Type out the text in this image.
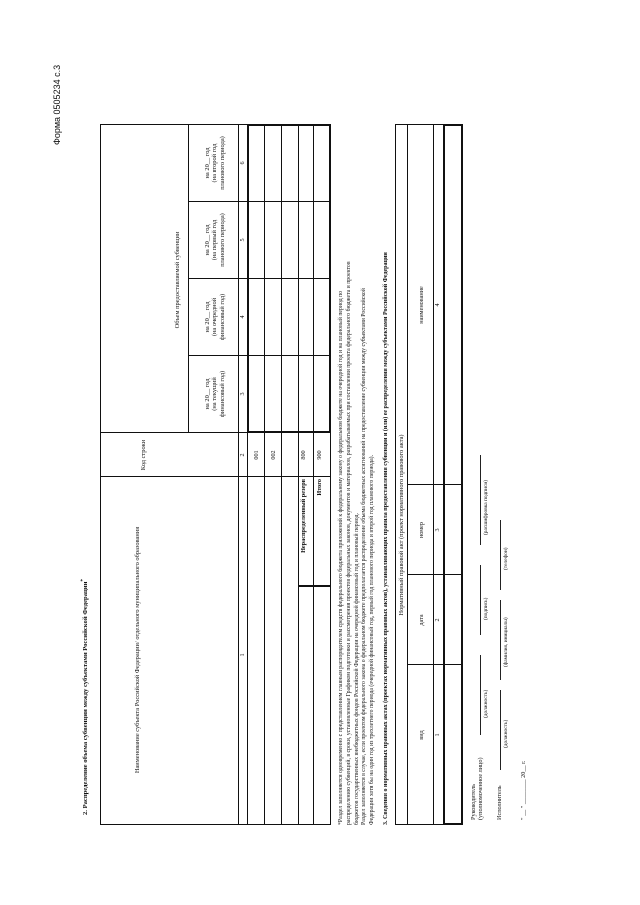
Форма 0505234 с.3
2. Распределение объема субвенции между субъектами Российской Федерации*	Наименование субъекта Российской Федерации/ отдельного муниципального образования
Код строки
Объем предоставляемой субвенции
на 20__ год (на текущий финансовый год)
на 20__ год (на очередной финансовый год)
на 20__ год (на первый год планового периода)
на 20__ год (на второй год планового периода)
1
2
3
4
5
6
001 002
Нераспределенный резерв
800
Итого
900	*Раздел заполняется одновременно с представлением главным распорядителем средств федерального бюджета приложений к федеральному закону о федеральном бюджете на очередной год и на плановый период по распределению субвенций, в сроки, установленные Графиком подготовки и рассмотрения проектов федеральных законов, документов и материалов, разрабатываемых при составлении проекта федерального бюджета и проектов бюджетов государственных внебюджетных фондов Российской Федерации на очередной финансовый год и плановый период. Раздел заполняется в случае, если проектом федерального закона о федеральном бюджете предполагается распределение объема бюджетных ассигнований на предоставление субвенции между субъектами Российской Федерации хотя бы на один год из трехлетнего периода (очередной финансовый год, первый год планового периода и второй год планового периода). 3. Сведения о нормативных правовых актах (проектах нормативных правовых актов), устанавливающих правила предоставления субвенции и (или) ее распределения между субъектами Российской Федерации Нормативный правовой акт (проект нормативного правового акта)
вид
дата
номер
наименование
1
2
3
4
Руководитель (уполномоченное лицо)
(должность)
(подпись)
(расшифровка подписи)
Исполнитель
(должность)
(фамилия, инициалы)
(телефон)
" __ " ________ 20__ г.
